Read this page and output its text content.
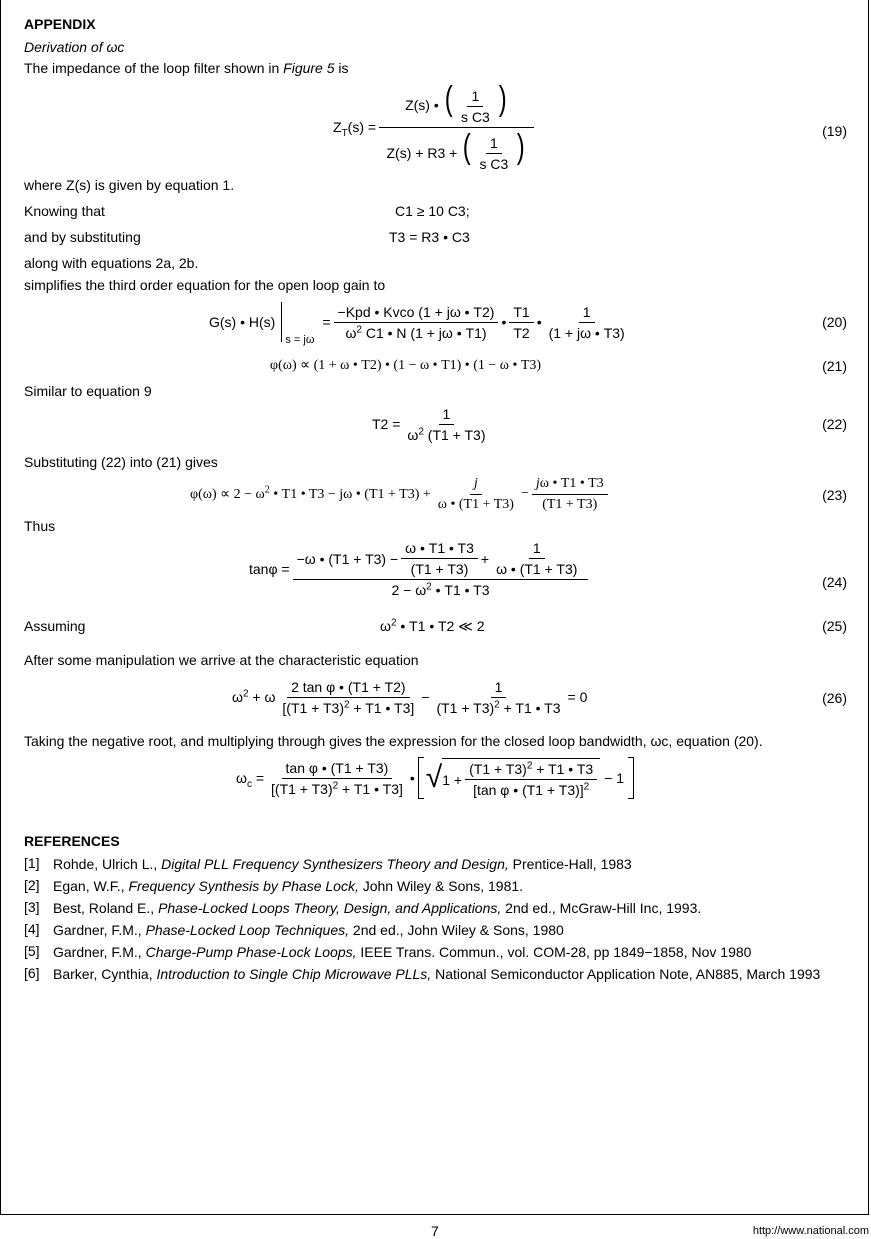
APPENDIX
Derivation of ωc
The impedance of the loop filter shown in Figure 5 is
$Z_T(s) = \frac{Z(s) • ( \frac{1}{\text{s C3}} )}{Z(s) + R3 + ( \frac{1}{\text{s C3}} )}$	(19)
where Z(s) is given by equation 1.
Knowing that	C1 ≥ 10 C3;
and by substituting	T3 = R3 • C3
along with equations 2a, 2b.
simplifies the third order equation for the open loop gain to
G(s) • H(s)
s = jω
= $\frac{\text{−Kpd • Kvco (1 + jω • T2)}}{\omega^2 C1 • N (1 + j\omega • T1)}$ • $\frac{T1}{T2}$ • $\frac{1}{(1 + j\omega • T3)}$	(20)
φ(ω) ∝ (1 + ω • T2) • (1 − ω • T1) • (1 − ω • T3)	(21)
Similar to equation 9
$T2 = \frac{1}{\omega^2 (T1 + T3)}$	(22)
Substituting (22) into (21) gives
$\varphi(\omega) \propto 2 - \omega^2$ • T1 • T3 − jω • $(T1 + T3) + \frac{j}{\omega • (T1 + T3)} - \frac{j\omega • T1 • T3}{(T1 + T3)}$	(23)
Thus
tanφ =
−ω • $(T1 + T3) - \frac{\omega • T1 • T3}{(T1 + T3)} + \frac{1}{\omega • (T1 + T3)}$
$2 - \omega^2$ • T1 • T3	(24)
Assuming	$\omega^2$ • T1 • T2 ≪ 2	(25)
After some manipulation we arrive at the characteristic equation
$\omega^2 + \omega \frac{\text{2 tan φ • (T1 + T2)}}{[(T1 + T3)^2 + T1 • T3]} - \frac{1}{(T1 + T3)^2 + T1 • T3} = 0$	(26)
Taking the negative root, and multiplying through gives the expression for the closed loop bandwidth, ωc, equation (20).
$\omega_c = \frac{\text{tan φ • (T1 + T3)}}{[(T1 + T3)^2 + T1 • T3]}$ • √ $1 + \frac{(T1 + T3)^2 + T1 • T3}{[\tan \varphi • (T1 + T3)]^2} - 1$
REFERENCES
[1] Rohde, Ulrich L., Digital PLL Frequency Synthesizers Theory and Design, Prentice-Hall, 1983
[2] Egan, W.F., Frequency Synthesis by Phase Lock, John Wiley & Sons, 1981.
[3] Best, Roland E., Phase-Locked Loops Theory, Design, and Applications, 2nd ed., McGraw-Hill Inc, 1993.
[4] Gardner, F.M., Phase-Locked Loop Techniques, 2nd ed., John Wiley & Sons, 1980
[5] Gardner, F.M., Charge-Pump Phase-Lock Loops, IEEE Trans. Commun., vol. COM-28, pp 1849−1858, Nov 1980
[6] Barker, Cynthia, Introduction to Single Chip Microwave PLLs, National Semiconductor Application Note, AN885, March 1993
7	http://www.national.com
